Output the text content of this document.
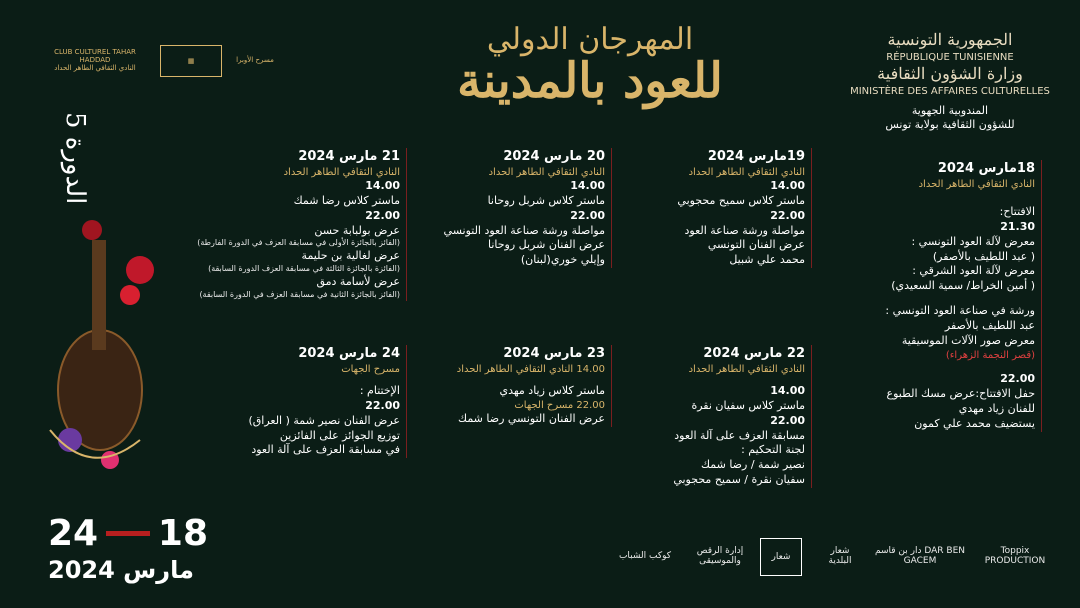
CLUB CULTUREL TAHAR HADDAD
النادي الثقافي الطاهر الحداد
▦	مسرح الأوبرا
المهرجان الدولي
للعود بالمدينة
الجمهورية التونسية
RÉPUBLIQUE TUNISIENNE
وزارة الشؤون الثقافية
MINISTÈRE DES AFFAIRES CULTURELLES
المندوبية الجهوية
للشؤون الثقافية بولاية تونس
الدورة 5	18مارس 2024
النادي الثقافي الطاهر الحداد
الافتتاح:
21.30
معرض لآلة العود التونسي :
( عبد اللطيف بالأصفر)
معرض لآلة العود الشرقي :
( أمين الخراط/ سمية السعيدي)
ورشة في صناعة العود التونسي :
عبد اللطيف بالأصفر
معرض صور الآلات الموسيقية
(قصر النجمة الزهراء)
22.00
حفل الافتتاح:عرض مسك الطبوع
للفنان زياد مهدي
يستضيف محمد علي كمون
19مارس 2024
النادي الثقافي الطاهر الحداد
14.00
ماستر كلاس سميح محجوبي
22.00
مواصلة ورشة صناعة العود
عرض الفنان التونسي
محمد علي شبيل
20 مارس 2024
النادي الثقافي الطاهر الحداد
14.00
ماستر كلاس شربل روحانا
22.00
مواصلة ورشة صناعة العود التونسي
عرض الفنان شربل روحانا
وإيلي خوري(لبنان)
21 مارس 2024
النادي الثقافي الطاهر الحداد
14.00
ماستر كلاس رضا شمك
22.00
عرض بولبابة حسن
(الفائز بالجائزة الأولى في مسابقة العزف في الدورة الفارطة)
عرض لغالية بن حليمة
(الفائزة بالجائزة الثالثة في مسابقة العزف الدورة السابقة)
عرض لأسامة دمق
(الفائز بالجائزة الثانية في مسابقة العزف في الدورة السابقة)
22 مارس 2024
النادي الثقافي الطاهر الحداد
14.00
ماستر كلاس سفيان نقرة
22.00
مسابقة العزف على آلة العود
لجنة التحكيم :
نصير شمة / رضا شمك
سفيان نقرة / سميح محجوبي
23 مارس 2024
14.00 النادي الثقافي الطاهر الحداد
ماستر كلاس زياد مهدي
22.00 مسرح الجهات
عرض الفنان التونسي رضا شمك
24 مارس 2024
مسرح الجهات
الإختتام :
22.00
عرض الفنان نصير شمة ( العراق)
توزيع الجوائز على الفائزين
في مسابقة العزف على آلة العود
24 18
مارس 2024	كوكب الشباب	إدارة الرقص والموسيقى	شعار
شعار البلدية
دار بن قاسم DAR BEN GACEM
Toppix PRODUCTION
